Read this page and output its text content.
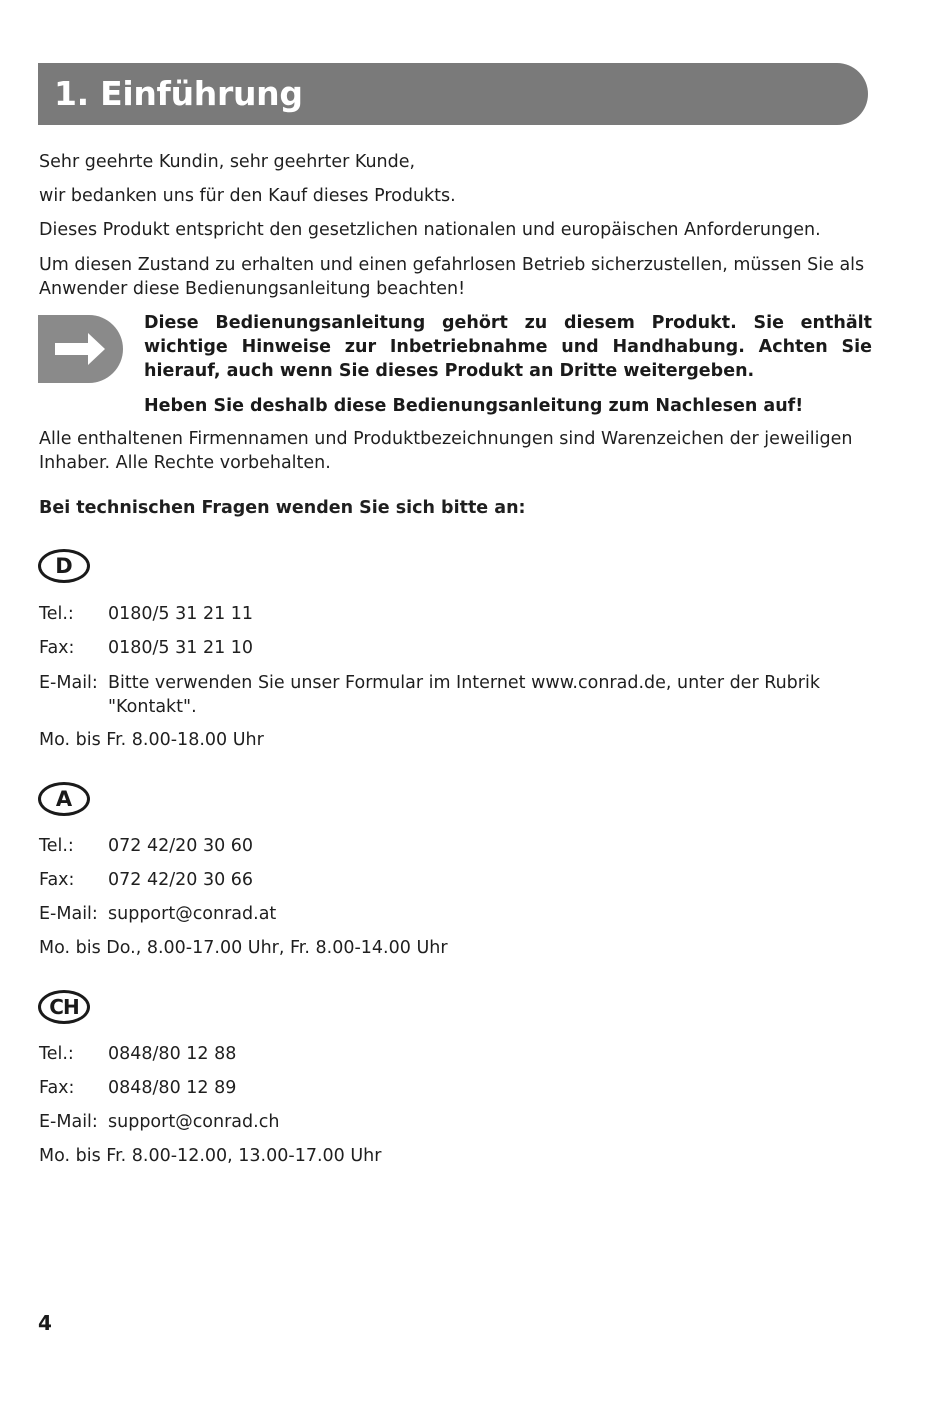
1. Einführung

Sehr geehrte Kundin, sehr geehrter Kunde,

wir bedanken uns für den Kauf dieses Produkts.

Dieses Produkt entspricht den gesetzlichen nationalen und europäischen Anforderungen.

Um diesen Zustand zu erhalten und einen gefahrlosen Betrieb sicherzustellen, müssen Sie als Anwender diese Bedienungsanleitung beachten!

Diese Bedienungsanleitung gehört zu diesem Produkt. Sie enthält wichtige Hinweise zur Inbetriebnahme und Handhabung. Achten Sie hierauf, auch wenn Sie dieses Produkt an Dritte weitergeben.

Heben Sie deshalb diese Bedienungsanleitung zum Nachlesen auf!

Alle enthaltenen Firmennamen und Produktbezeichnungen sind Warenzeichen der jeweiligen Inhaber. Alle Rechte vorbehalten.

Bei technischen Fragen wenden Sie sich bitte an:

D

Tel.: 0180/5 31 21 11

Fax: 0180/5 31 21 10

E-Mail: Bitte verwenden Sie unser Formular im Internet www.conrad.de, unter der Rubrik "Kontakt".

Mo. bis Fr. 8.00-18.00 Uhr

A

Tel.: 072 42/20 30 60

Fax: 072 42/20 30 66

E-Mail: support@conrad.at

Mo. bis Do., 8.00-17.00 Uhr, Fr. 8.00-14.00 Uhr

CH

Tel.: 0848/80 12 88

Fax: 0848/80 12 89

E-Mail: support@conrad.ch

Mo. bis Fr. 8.00-12.00, 13.00-17.00 Uhr

4
